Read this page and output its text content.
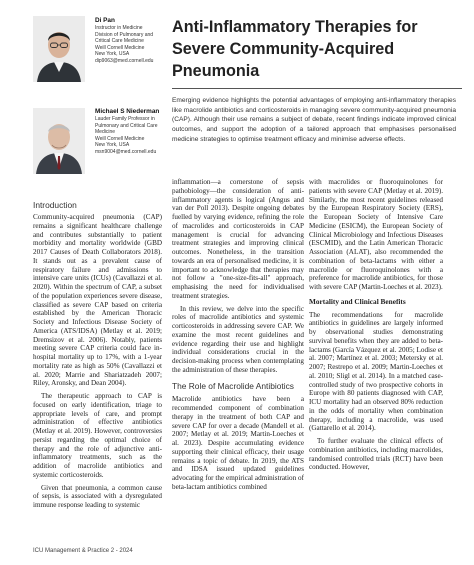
Di Pan
Instructor in Medicine
Division of Pulmonary and
Critical Care Medicine
Weill Cornell Medicine
New York, USA
dip9063@med.cornell.edu
Michael S Niederman
Lauder Family Professor in
Pulmonary and Critical Care
Medicine
Weill Cornell Medicine
New York, USA
msn9004@med.cornell.edu
Anti-Inflammatory Therapies for Severe Community-Acquired Pneumonia
Emerging evidence highlights the potential advantages of employing anti-inflammatory therapies like macrolide antibiotics and corticosteroids in managing severe community-acquired pneumonia (CAP). Although their use remains a subject of debate, recent findings indicate improved clinical outcomes, and support the adoption of a tailored approach that emphasises personalised medicine strategies to optimise treatment efficacy and minimise adverse effects.
Introduction

Community-acquired pneumonia (CAP) remains a significant healthcare challenge and contributes substantially to patient morbidity and mortality worldwide (GBD 2017 Causes of Death Collaborators 2018). It stands out as a prevalent cause of respiratory failure and admissions to intensive care units (ICUs) (Cavallazzi et al. 2020). Within the spectrum of CAP, a subset of the population experiences severe disease, classified as severe CAP based on criteria established by the American Thoracic Society and Infectious Disease Society of America (ATS/IDSA) (Metlay et al. 2019; Dremsizov et al. 2006). Notably, patients meeting severe CAP criteria could face in-hospital mortality up to 17%, with a 1-year mortality rate as high as 50% (Cavallazzi et al. 2020; Marrie and Shariatzadeh 2007; Riley, Aronsky, and Dean 2004).

The therapeutic approach to CAP is focused on early identification, triage to appropriate levels of care, and prompt administration of effective antibiotics (Metlay et al. 2019). However, controversies persist regarding the optimal choice of therapy and the role of adjunctive anti-inflammatory treatments, such as the addition of macrolide antibiotics and systemic corticosteroids.

Given that pneumonia, a common cause of sepsis, is associated with a dysregulated immune response leading to systemic

inflammation—a cornerstone of sepsis pathobiology—the consideration of anti-inflammatory agents is logical (Angus and van der Poll 2013). Despite ongoing debates fuelled by varying evidence, refining the role of macrolides and corticosteroids in CAP management is crucial for advancing treatment strategies and improving clinical outcomes. Nonetheless, in the transition towards an era of personalised medicine, it is important to acknowledge that therapies may not follow a "one-size-fits-all" approach, emphasising the need for individualised treatment strategies.

In this review, we delve into the specific roles of macrolide antibiotics and systemic corticosteroids in addressing severe CAP. We examine the most recent guidelines and evidence regarding their use and highlight individual considerations crucial in the decision-making process when contemplating the administration of these therapies.

The Role of Macrolide Antibiotics

Macrolide antibiotics have been a recommended component of combination therapy in the treatment of both CAP and severe CAP for over a decade (Mandell et al. 2007; Metlay et al. 2019; Martin-Loeches et al. 2023). Despite accumulating evidence supporting their clinical efficacy, their usage remains a topic of debate. In 2019, the ATS and IDSA issued updated guidelines advocating for the empirical administration of beta-lactam antibiotics combined

with macrolides or fluoroquinolones for patients with severe CAP (Metlay et al. 2019). Similarly, the most recent guidelines released by the European Respiratory Society (ERS), the European Society of Intensive Care Medicine (ESICM), the European Society of Clinical Microbiology and Infectious Diseases (ESCMID), and the Latin American Thoracic Association (ALAT), also recommended the combination of beta-lactams with either a macrolide or fluoroquinolones with a preference for macrolide antibiotics, for those with severe CAP (Martin-Loeches et al. 2023).

Mortality and Clinical Benefits

The recommendations for macrolide antibiotics in guidelines are largely informed by observational studies demonstrating survival benefits when they are added to beta-lactams (García Vázquez et al. 2005; Lodise et al. 2007; Martínez et al. 2003; Metersky et al. 2007; Restrepo et al. 2009; Martin-Loeches et al. 2010; Sligl et al. 2014). In a matched case-controlled study of two prospective cohorts in Europe with 80 patients diagnosed with CAP, ICU mortality had an observed 80% reduction in the odds of mortality when combination therapy, including a macrolide, was used (Gattarello et al. 2014).

To further evaluate the clinical effects of combination antibiotics, including macrolides, randomised controlled trials (RCT) have been conducted. However,

ICU Management & Practice 2 - 2024
